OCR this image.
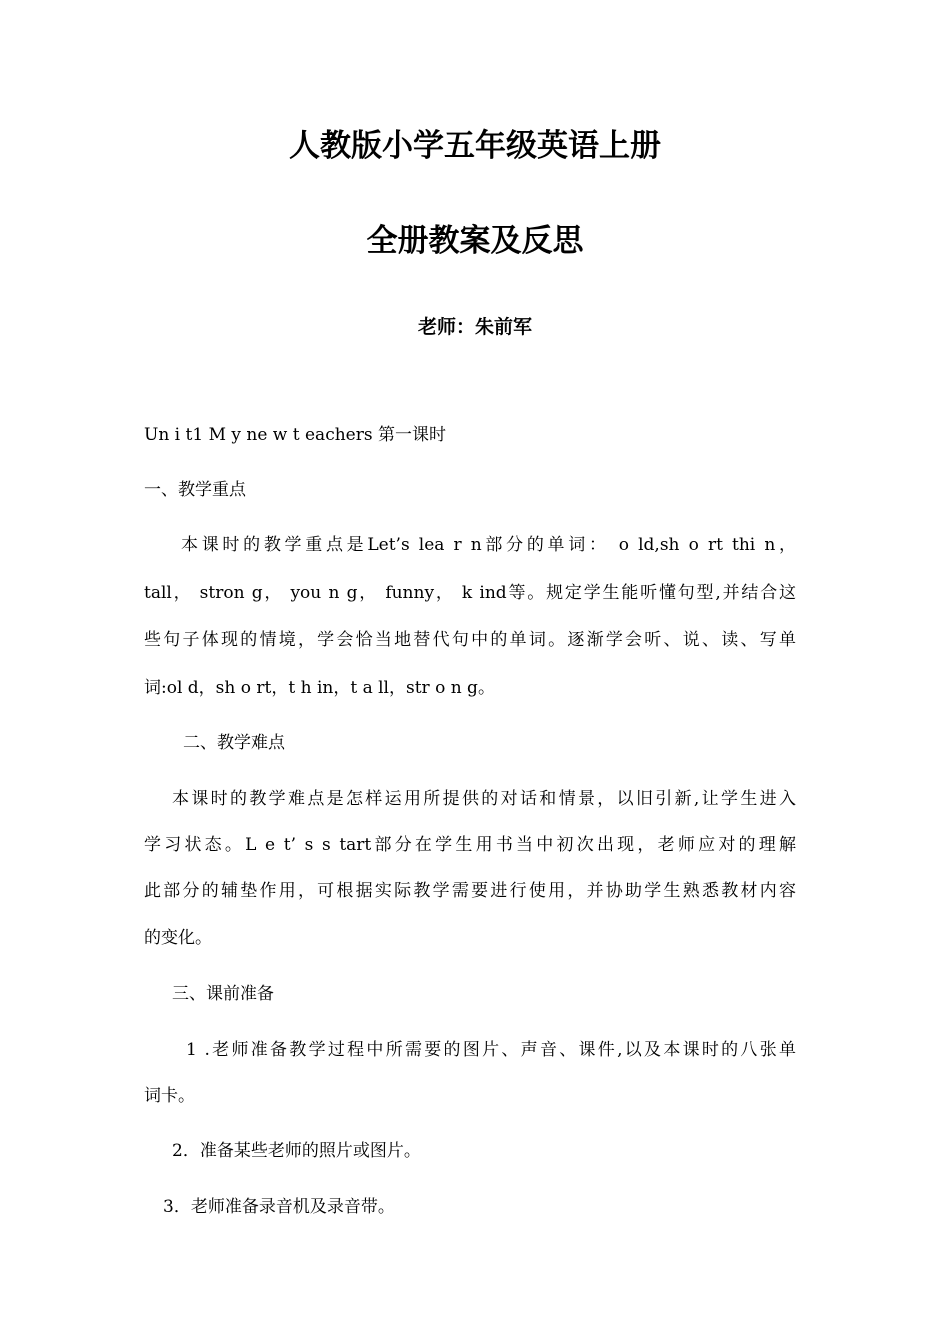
人教版小学五年级英语上册
全册教案及反思
老师：朱前军
Un i t1 M y ne w t eachers 第一课时
一、教学重点
本课时的教学重点是Let’s lea r n部分的单词： o ld,sh o rt thi n，
tall， stron g， you n g， funny， k ind等。规定学生能听懂句型,并结合这
些句子体现的情境，学会恰当地替代句中的单词。逐渐学会听、说、读、写单
词:ol d，sh o rt，t h in，t a ll，str o n g。
二、教学难点
本课时的教学难点是怎样运用所提供的对话和情景，以旧引新,让学生进入
学习状态。L e t’ s s tart部分在学生用书当中初次出现，老师应对的理解
此部分的辅垫作用，可根据实际教学需要进行使用，并协助学生熟悉教材内容
的变化。
三、课前准备
1 .老师准备教学过程中所需要的图片、声音、课件,以及本课时的八张单
词卡。
2．准备某些老师的照片或图片。
3．老师准备录音机及录音带。
